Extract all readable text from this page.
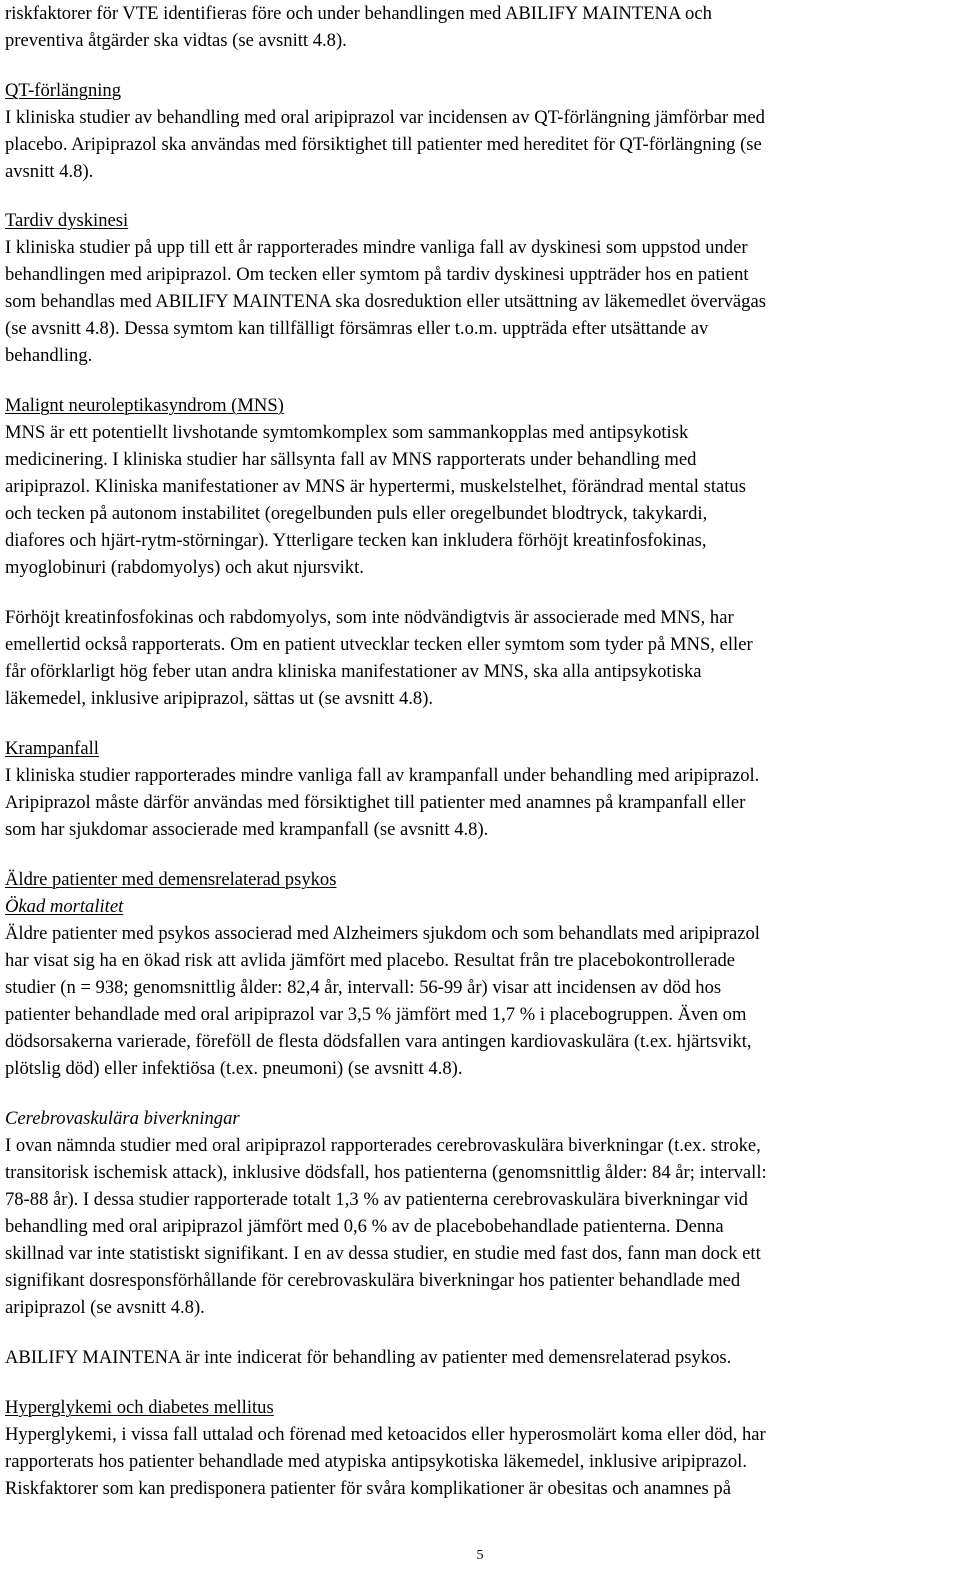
riskfaktorer för VTE identifieras före och under behandlingen med ABILIFY MAINTENA och
preventiva åtgärder ska vidtas (se avsnitt 4.8).
QT-förlängning
I kliniska studier av behandling med oral aripiprazol var incidensen av QT-förlängning jämförbar med
placebo. Aripiprazol ska användas med försiktighet till patienter med hereditet för QT-förlängning (se
avsnitt 4.8).
Tardiv dyskinesi
I kliniska studier på upp till ett år rapporterades mindre vanliga fall av dyskinesi som uppstod under
behandlingen med aripiprazol. Om tecken eller symtom på tardiv dyskinesi uppträder hos en patient
som behandlas med ABILIFY MAINTENA ska dosreduktion eller utsättning av läkemedlet övervägas
(se avsnitt 4.8). Dessa symtom kan tillfälligt försämras eller t.o.m. uppträda efter utsättande av
behandling.
Malignt neuroleptikasyndrom (MNS)
MNS är ett potentiellt livshotande symtomkomplex som sammankopplas med antipsykotisk
medicinering. I kliniska studier har sällsynta fall av MNS rapporterats under behandling med
aripiprazol. Kliniska manifestationer av MNS är hypertermi, muskelstelhet, förändrad mental status
och tecken på autonom instabilitet (oregelbunden puls eller oregelbundet blodtryck, takykardi,
diafores och hjärt-rytm-störningar). Ytterligare tecken kan inkludera förhöjt kreatinfosfokinas,
myoglobinuri (rabdomyolys) och akut njursvikt.
Förhöjt kreatinfosfokinas och rabdomyolys, som inte nödvändigtvis är associerade med MNS, har
emellertid också rapporterats. Om en patient utvecklar tecken eller symtom som tyder på MNS, eller
får oförklarligt hög feber utan andra kliniska manifestationer av MNS, ska alla antipsykotiska
läkemedel, inklusive aripiprazol, sättas ut (se avsnitt 4.8).
Krampanfall
I kliniska studier rapporterades mindre vanliga fall av krampanfall under behandling med aripiprazol.
Aripiprazol måste därför användas med försiktighet till patienter med anamnes på krampanfall eller
som har sjukdomar associerade med krampanfall (se avsnitt 4.8).
Äldre patienter med demensrelaterad psykos
Ökad mortalitet
Äldre patienter med psykos associerad med Alzheimers sjukdom och som behandlats med aripiprazol
har visat sig ha en ökad risk att avlida jämfört med placebo. Resultat från tre placebokontrollerade
studier (n = 938; genomsnittlig ålder: 82,4 år, intervall: 56-99 år) visar att incidensen av död hos
patienter behandlade med oral aripiprazol var 3,5 % jämfört med 1,7 % i placebogruppen. Även om
dödsorsakerna varierade, föreföll de flesta dödsfallen vara antingen kardiovaskulära (t.ex. hjärtsvikt,
plötslig död) eller infektiösa (t.ex. pneumoni) (se avsnitt 4.8).
Cerebrovaskulära biverkningar
I ovan nämnda studier med oral aripiprazol rapporterades cerebrovaskulära biverkningar (t.ex. stroke,
transitorisk ischemisk attack), inklusive dödsfall, hos patienterna (genomsnittlig ålder: 84 år; intervall:
78-88 år). I dessa studier rapporterade totalt 1,3 % av patienterna cerebrovaskulära biverkningar vid
behandling med oral aripiprazol jämfört med 0,6 % av de placebobehandlade patienterna. Denna
skillnad var inte statistiskt signifikant. I en av dessa studier, en studie med fast dos, fann man dock ett
signifikant dosresponsförhållande för cerebrovaskulära biverkningar hos patienter behandlade med
aripiprazol (se avsnitt 4.8).
ABILIFY MAINTENA är inte indicerat för behandling av patienter med demensrelaterad psykos.
Hyperglykemi och diabetes mellitus
Hyperglykemi, i vissa fall uttalad och förenad med ketoacidos eller hyperosmolärt koma eller död, har
rapporterats hos patienter behandlade med atypiska antipsykotiska läkemedel, inklusive aripiprazol.
Riskfaktorer som kan predisponera patienter för svåra komplikationer är obesitas och anamnes på
5
